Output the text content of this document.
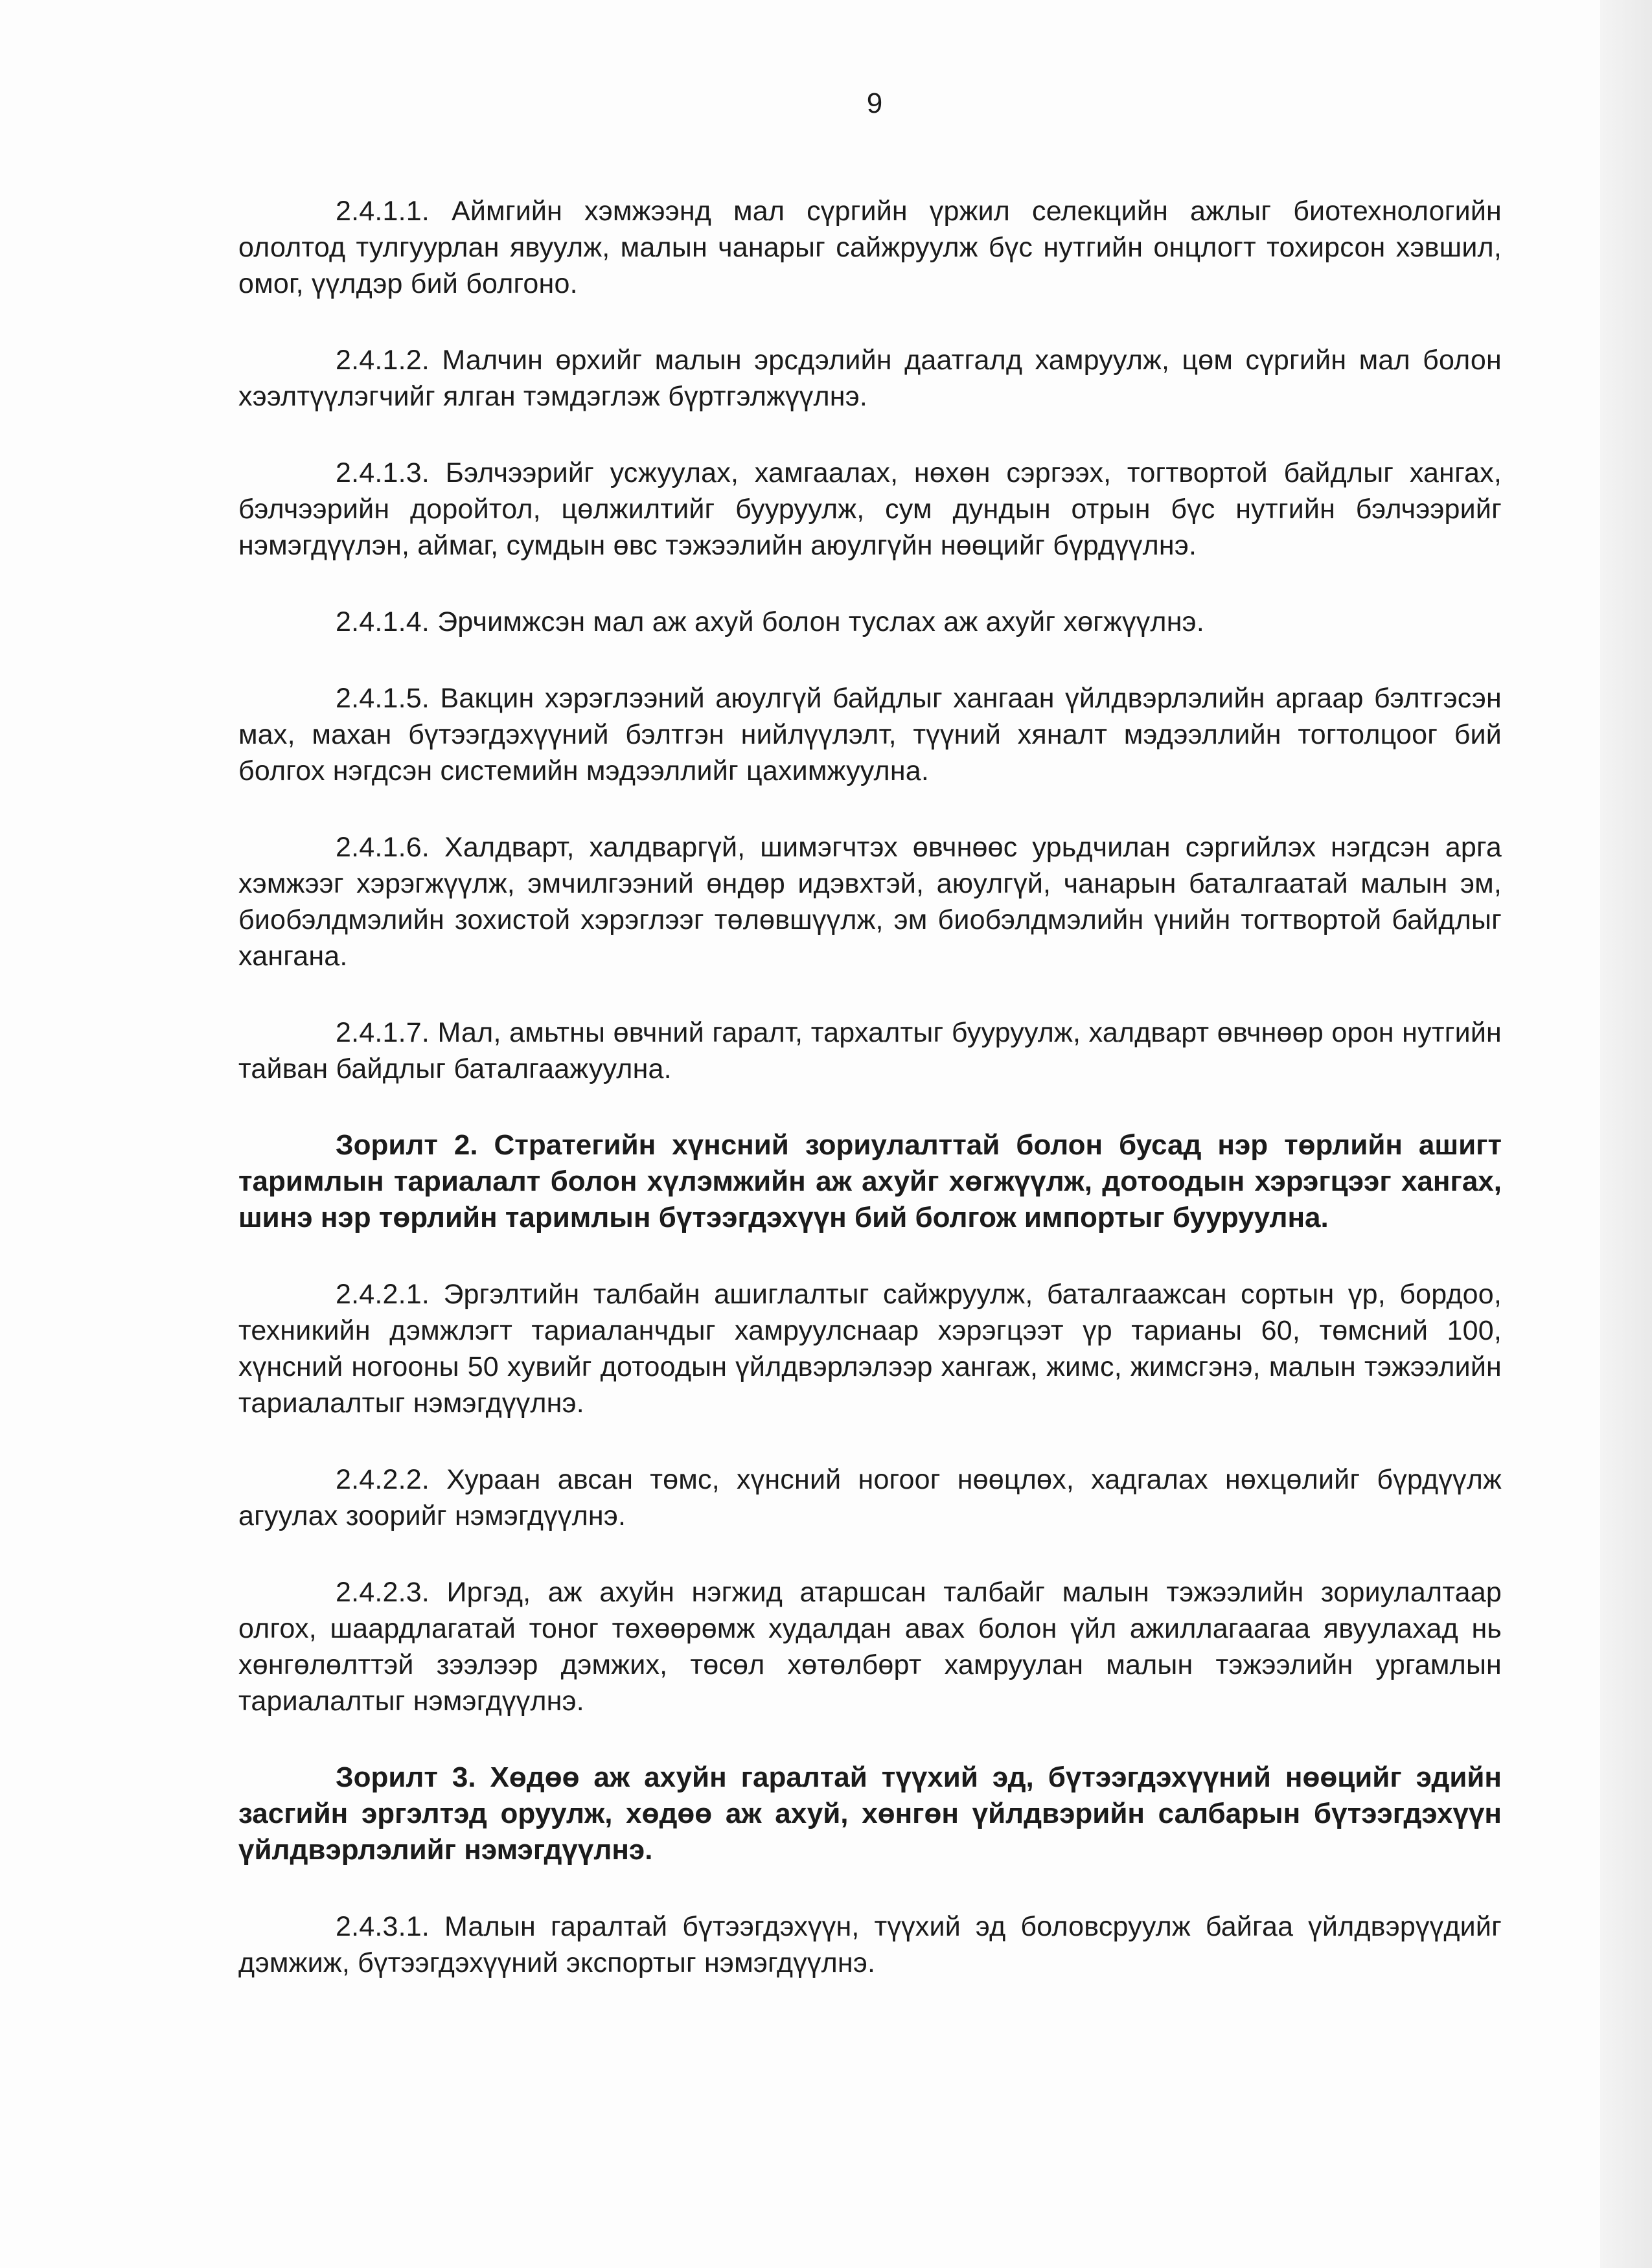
9

2.4.1.1. Аймгийн хэмжээнд мал сүргийн үржил селекцийн ажлыг биотехнологийн ололтод тулгуурлан явуулж, малын чанарыг сайжруулж бүс нутгийн онцлогт тохирсон хэвшил, омог, үүлдэр бий болгоно.

2.4.1.2. Малчин өрхийг малын эрсдэлийн даатгалд хамруулж, цөм сүргийн мал болон хээлтүүлэгчийг ялган тэмдэглэж бүртгэлжүүлнэ.

2.4.1.3. Бэлчээрийг усжуулах, хамгаалах, нөхөн сэргээх, тогтвортой байдлыг хангах, бэлчээрийн доройтол, цөлжилтийг бууруулж, сум дундын отрын бүс нутгийн бэлчээрийг нэмэгдүүлэн, аймаг, сумдын өвс тэжээлийн аюулгүйн нөөцийг бүрдүүлнэ.

2.4.1.4. Эрчимжсэн мал аж ахуй болон туслах аж ахуйг хөгжүүлнэ.

2.4.1.5. Вакцин хэрэглээний аюулгүй байдлыг хангаан үйлдвэрлэлийн аргаар бэлтгэсэн мах, махан бүтээгдэхүүний бэлтгэн нийлүүлэлт, түүний хяналт мэдээллийн тогтолцоог бий болгох нэгдсэн системийн мэдээллийг цахимжуулна.

2.4.1.6. Халдварт, халдваргүй, шимэгчтэх өвчнөөс урьдчилан сэргийлэх нэгдсэн арга хэмжээг хэрэгжүүлж, эмчилгээний өндөр идэвхтэй, аюулгүй, чанарын баталгаатай малын эм, биобэлдмэлийн зохистой хэрэглээг төлөвшүүлж, эм биобэлдмэлийн үнийн тогтвортой байдлыг хангана.

2.4.1.7. Мал, амьтны өвчний гаралт, тархалтыг бууруулж, халдварт өвчнөөр орон нутгийн тайван байдлыг баталгаажуулна.

Зорилт 2. Стратегийн хүнсний зориулалттай болон бусад нэр төрлийн ашигт таримлын тариалалт болон хүлэмжийн аж ахуйг хөгжүүлж, дотоодын хэрэгцээг хангах, шинэ нэр төрлийн таримлын бүтээгдэхүүн бий болгож импортыг бууруулна.

2.4.2.1. Эргэлтийн талбайн ашиглалтыг сайжруулж, баталгаажсан сортын үр, бордоо, техникийн дэмжлэгт тариаланчдыг хамруулснаар хэрэгцээт үр тарианы 60, төмсний 100, хүнсний ногооны 50 хувийг дотоодын үйлдвэрлэлээр хангаж, жимс, жимсгэнэ, малын тэжээлийн тариалалтыг нэмэгдүүлнэ.

2.4.2.2. Хураан авсан төмс, хүнсний ногоог нөөцлөх, хадгалах нөхцөлийг бүрдүүлж агуулах зоорийг нэмэгдүүлнэ.

2.4.2.3. Иргэд, аж ахуйн нэгжид атаршсан талбайг малын тэжээлийн зориулалтаар олгох, шаардлагатай тоног төхөөрөмж худалдан авах болон үйл ажиллагаагаа явуулахад нь хөнгөлөлттэй зээлээр дэмжих, төсөл хөтөлбөрт хамруулан малын тэжээлийн ургамлын тариалалтыг нэмэгдүүлнэ.

Зорилт 3. Хөдөө аж ахуйн гаралтай түүхий эд, бүтээгдэхүүний нөөцийг эдийн засгийн эргэлтэд оруулж, хөдөө аж ахуй, хөнгөн үйлдвэрийн салбарын бүтээгдэхүүн үйлдвэрлэлийг нэмэгдүүлнэ.

2.4.3.1. Малын гаралтай бүтээгдэхүүн, түүхий эд боловсруулж байгаа үйлдвэрүүдийг дэмжиж, бүтээгдэхүүний экспортыг нэмэгдүүлнэ.
